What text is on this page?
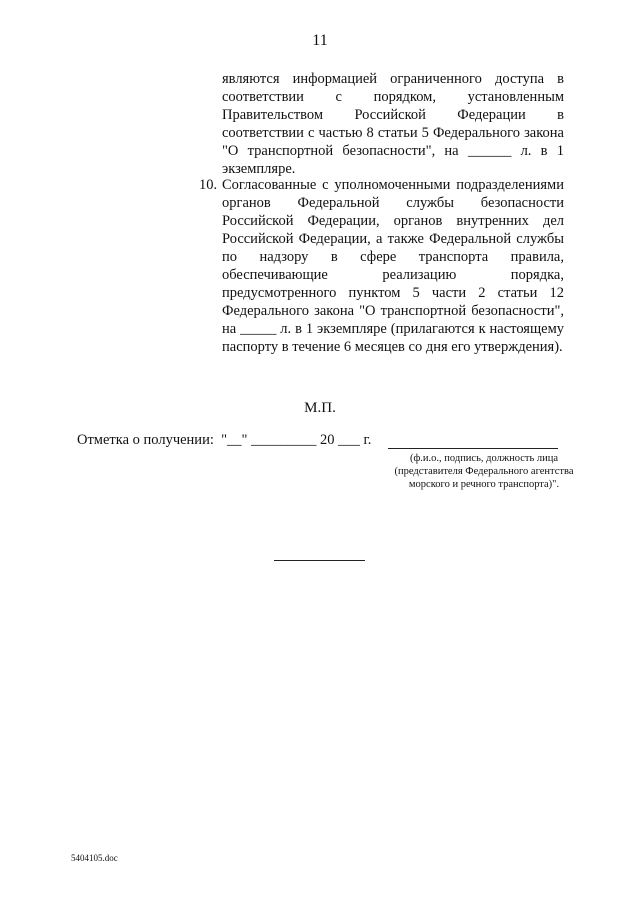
11
являются информацией ограниченного доступа в соответствии с порядком, установленным Правительством Российской Федерации в соответствии с частью 8 статьи 5 Федерального закона "О транспортной безопасности", на ______ л. в 1 экземпляре.
10. Согласованные с уполномоченными подразделениями органов Федеральной службы безопасности Российской Федерации, органов внутренних дел Российской Федерации, а также Федеральной службы по надзору в сфере транспорта правила, обеспечивающие реализацию порядка, предусмотренного пунктом 5 части 2 статьи 12 Федерального закона "О транспортной безопасности", на _____ л. в 1 экземпляре (прилагаются к настоящему паспорту в течение 6 месяцев со дня его утверждения).
М.П.
Отметка о получении:  "__" _________ 20 ___ г.
(ф.и.о., подпись, должность лица (представителя Федерального агентства морского и речного транспорта)".
5404105.doc
